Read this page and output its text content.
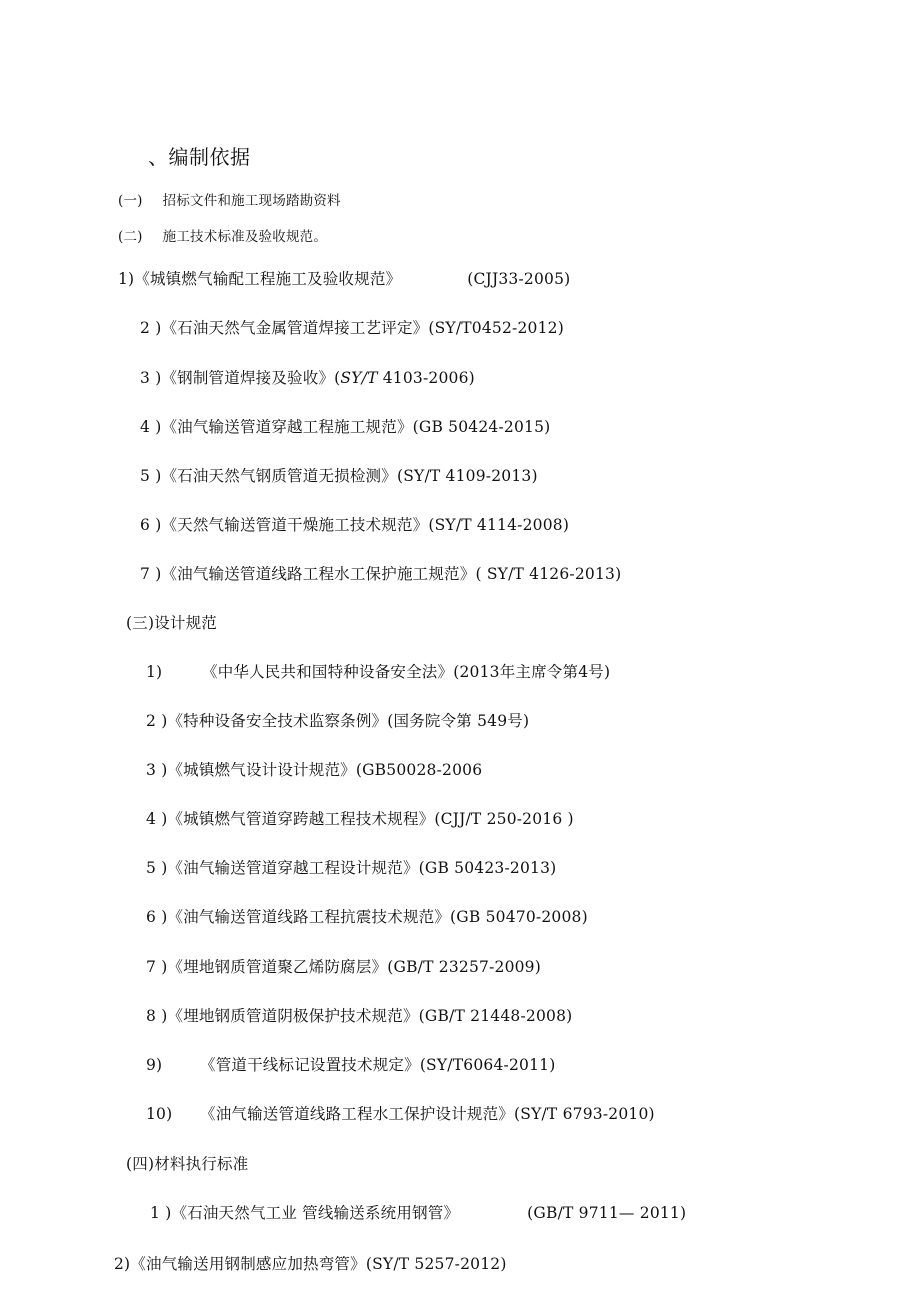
、编制依据
(一) 招标文件和施工现场踏勘资料
(二) 施工技术标准及验收规范。
1)《城镇燃气输配工程施工及验收规范》	(CJJ33-2005)
2 )《石油天然气金属管道焊接工艺评定》(SY/T0452-2012)
3 )《钢制管道焊接及验收》(SY/T 4103-2006)
4 )《油气输送管道穿越工程施工规范》(GB 50424-2015)
5 )《石油天然气钢质管道无损检测》(SY/T 4109-2013)
6 )《天然气输送管道干燥施工技术规范》(SY/T 4114-2008)
7 )《油气输送管道线路工程水工保护施工规范》( SY/T 4126-2013)
(三)设计规范
1)	《中华人民共和国特种设备安全法》(2013年主席令第4号)
2 )《特种设备安全技术监察条例》(国务院令第 549号)
3 )《城镇燃气设计设计规范》(GB50028-2006
4 )《城镇燃气管道穿跨越工程技术规程》(CJJ/T 250-2016 )
5 )《油气输送管道穿越工程设计规范》(GB 50423-2013)
6 )《油气输送管道线路工程抗震技术规范》(GB 50470-2008)
7 )《埋地钢质管道聚乙烯防腐层》(GB/T 23257-2009)
8 )《埋地钢质管道阴极保护技术规范》(GB/T 21448-2008)
9) 《管道干线标记设置技术规定》(SY/T6064-2011)
10) 《油气输送管道线路工程水工保护设计规范》(SY/T 6793-2010)
(四)材料执行标准
1 )《石油天然气工业 管线输送系统用钢管》	(GB/T 9711— 2011)
2)《油气输送用钢制感应加热弯管》(SY/T 5257-2012)
